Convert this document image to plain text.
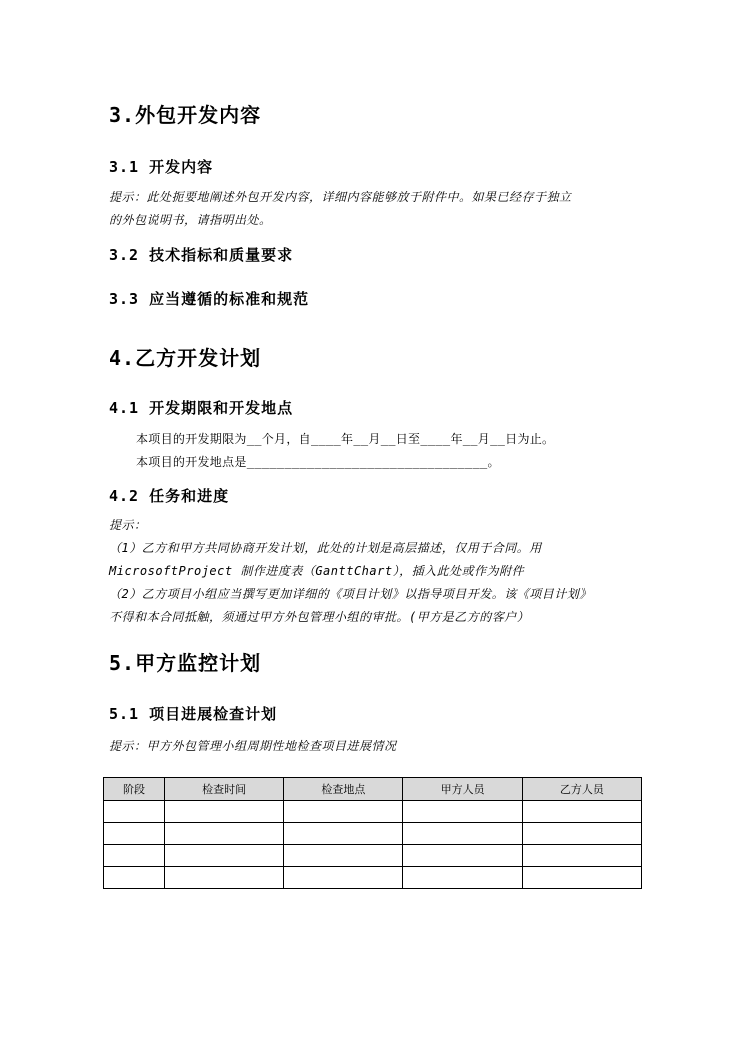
3.外包开发内容
3.1 开发内容
提示：此处扼要地阐述外包开发内容，详细内容能够放于附件中。如果已经存于独立
的外包说明书，请指明出处。
3.2 技术指标和质量要求
3.3 应当遵循的标准和规范
4.乙方开发计划
4.1 开发期限和开发地点
本项目的开发期限为__个月，自____年__月__日至____年__月__日为止。
本项目的开发地点是________________________________。
4.2 任务和进度
提示：
（1）乙方和甲方共同协商开发计划，此处的计划是高层描述，仅用于合同。用
MicrosoftProject 制作进度表（GanttChart），插入此处或作为附件
（2）乙方项目小组应当撰写更加详细的《项目计划》以指导项目开发。该《项目计划》
不得和本合同抵触，须通过甲方外包管理小组的审批。(甲方是乙方的客户）
5.甲方监控计划
5.1 项目进展检查计划
提示：甲方外包管理小组周期性地检查项目进展情况
阶段	检查时间	检查地点	甲方人员	乙方人员
